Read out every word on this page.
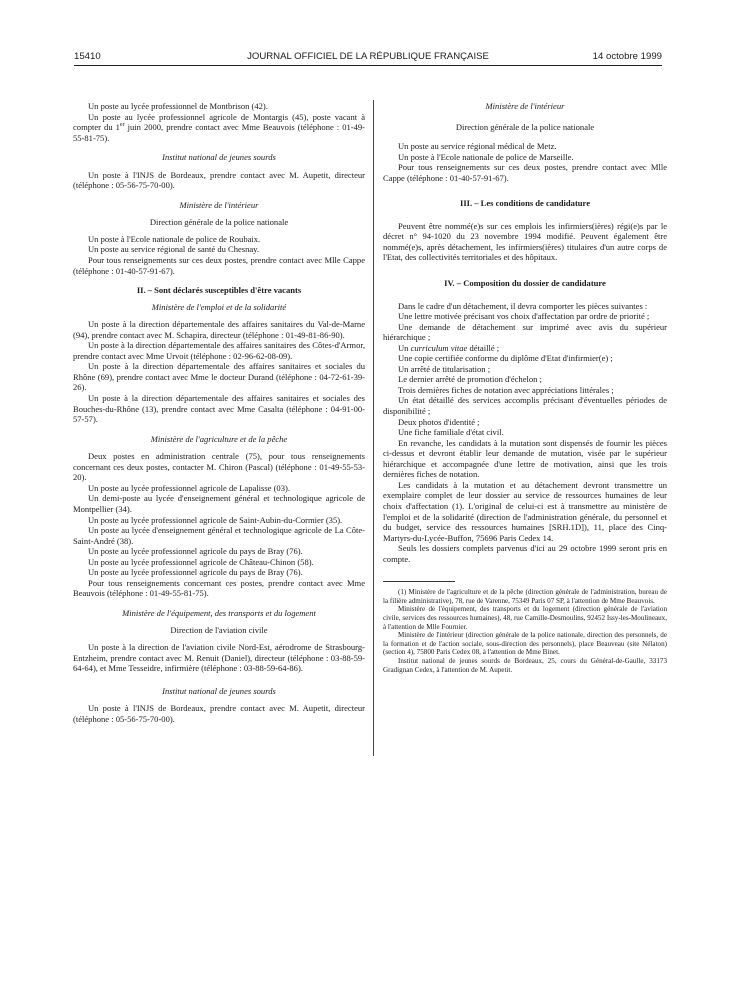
15410	JOURNAL OFFICIEL DE LA RÉPUBLIQUE FRANÇAISE	14 octobre 1999

Un poste au lycée professionnel de Montbrison (42).

Un poste au lycée professionnel agricole de Montargis (45), poste vacant à compter du 1er juin 2000, prendre contact avec Mme Beauvois (téléphone : 01-49-55-81-75).

Institut national de jeunes sourds

Un poste à l'INJS de Bordeaux, prendre contact avec M. Aupetit, directeur (téléphone : 05-56-75-70-00).

Ministère de l'intérieur
Direction générale de la police nationale

Un poste à l'Ecole nationale de police de Roubaix.

Un poste au service régional de santé du Chesnay.

Pour tous renseignements sur ces deux postes, prendre contact avec Mlle Cappe (téléphone : 01-40-57-91-67).

II. – Sont déclarés susceptibles d'être vacants
Ministère de l'emploi et de la solidarité

Un poste à la direction départementale des affaires sanitaires du Val-de-Marne (94), prendre contact avec M. Schapira, directeur (téléphone : 01-49-81-86-90).

Un poste à la direction départementale des affaires sanitaires des Côtes-d'Armor, prendre contact avec Mme Urvoit (téléphone : 02-96-62-08-09).

Un poste à la direction départementale des affaires sanitaires et sociales du Rhône (69), prendre contact avec Mme le docteur Durand (téléphone : 04-72-61-39-26).

Un poste à la direction départementale des affaires sanitaires et sociales des Bouches-du-Rhône (13), prendre contact avec Mme Casalta (téléphone : 04-91-00-57-57).

Ministère de l'agriculture et de la pêche

Deux postes en administration centrale (75), pour tous renseignements concernant ces deux postes, contacter M. Chiron (Pascal) (téléphone : 01-49-55-53-20).

Un poste au lycée professionnel agricole de Lapalisse (03).

Un demi-poste au lycée d'enseignement général et technologique agricole de Montpellier (34).

Un poste au lycée professionnel agricole de Saint-Aubin-du-Cormier (35).

Un poste au lycée d'enseignement général et technologique agricole de La Côte-Saint-André (38).

Un poste au lycée professionnel agricole du pays de Bray (76).

Un poste au lycée professionnel agricole de Château-Chinon (58).

Un poste au lycée professionnel agricole du pays de Bray (76).

Pour tous renseignements concernant ces postes, prendre contact avec Mme Beauvois (téléphone : 01-49-55-81-75).

Ministère de l'équipement, des transports et du logement
Direction de l'aviation civile

Un poste à la direction de l'aviation civile Nord-Est, aérodrome de Strasbourg-Entzheim, prendre contact avec M. Renuit (Daniel), directeur (téléphone : 03-88-59-64-64), et Mme Tesseidre, infirmière (téléphone : 03-88-59-64-86).

Institut national de jeunes sourds

Un poste à l'INJS de Bordeaux, prendre contact avec M. Aupetit, directeur (téléphone : 05-56-75-70-00).

Ministère de l'intérieur
Direction générale de la police nationale

Un poste au service régional médical de Metz.

Un poste à l'Ecole nationale de police de Marseille.

Pour tous renseignements sur ces deux postes, prendre contact avec Mlle Cappe (téléphone : 01-40-57-91-67).

III. – Les conditions de candidature

Peuvent être nommé(e)s sur ces emplois les infirmiers(ières) régi(e)s par le décret n° 94-1020 du 23 novembre 1994 modifié. Peuvent également être nommé(e)s, après détachement, les infirmiers(ières) titulaires d'un autre corps de l'Etat, des collectivités territoriales et des hôpitaux.

IV. – Composition du dossier de candidature

Dans le cadre d'un détachement, il devra comporter les pièces suivantes :

Une lettre motivée précisant vos choix d'affectation par ordre de priorité ;

Une demande de détachement sur imprimé avec avis du supérieur hiérarchique ;

Un curriculum vitae détaillé ;

Une copie certifiée conforme du diplôme d'Etat d'infirmier(e) ;

Un arrêté de titularisation ;

Le dernier arrêté de promotion d'échelon ;

Trois dernières fiches de notation avec appréciations littérales ;

Un état détaillé des services accomplis précisant d'éventuelles périodes de disponibilité ;

Deux photos d'identité ;

Une fiche familiale d'état civil.

En revanche, les candidats à la mutation sont dispensés de fournir les pièces ci-dessus et devront établir leur demande de mutation, visée par le supérieur hiérarchique et accompagnée d'une lettre de motivation, ainsi que les trois dernières fiches de notation.

Les candidats à la mutation et au détachement devront transmettre un exemplaire complet de leur dossier au service de ressources humaines de leur choix d'affectation (1). L'original de celui-ci est à transmettre au ministère de l'emploi et de la solidarité (direction de l'administration générale, du personnel et du budget, service des ressources humaines [SRH.1D]), 11, place des Cinq-Martyrs-du-Lycée-Buffon, 75696 Paris Cedex 14.

Seuls les dossiers complets parvenus d'ici au 29 octobre 1999 seront pris en compte.

(1) Ministère de l'agriculture et de la pêche (direction générale de l'administration, bureau de la filière administrative), 78, rue de Varenne, 75349 Paris 07 SP, à l'attention de Mme Beauvois.

Ministère de l'équipement, des transports et du logement (direction générale de l'aviation civile, services des ressources humaines), 48, rue Camille-Desmoulins, 92452 Issy-les-Moulineaux, à l'attention de Mlle Fournier.

Ministère de l'intérieur (direction générale de la police nationale, direction des personnels, de la formation et de l'action sociale, sous-direction des personnels), place Beauveau (site Nélaton) (section 4), 75800 Paris Cedex 08, à l'attention de Mme Binet.

Institut national de jeunes sourds de Bordeaux, 25, cours du Général-de-Gaulle, 33173 Gradignan Cedex, à l'attention de M. Aupetit.
